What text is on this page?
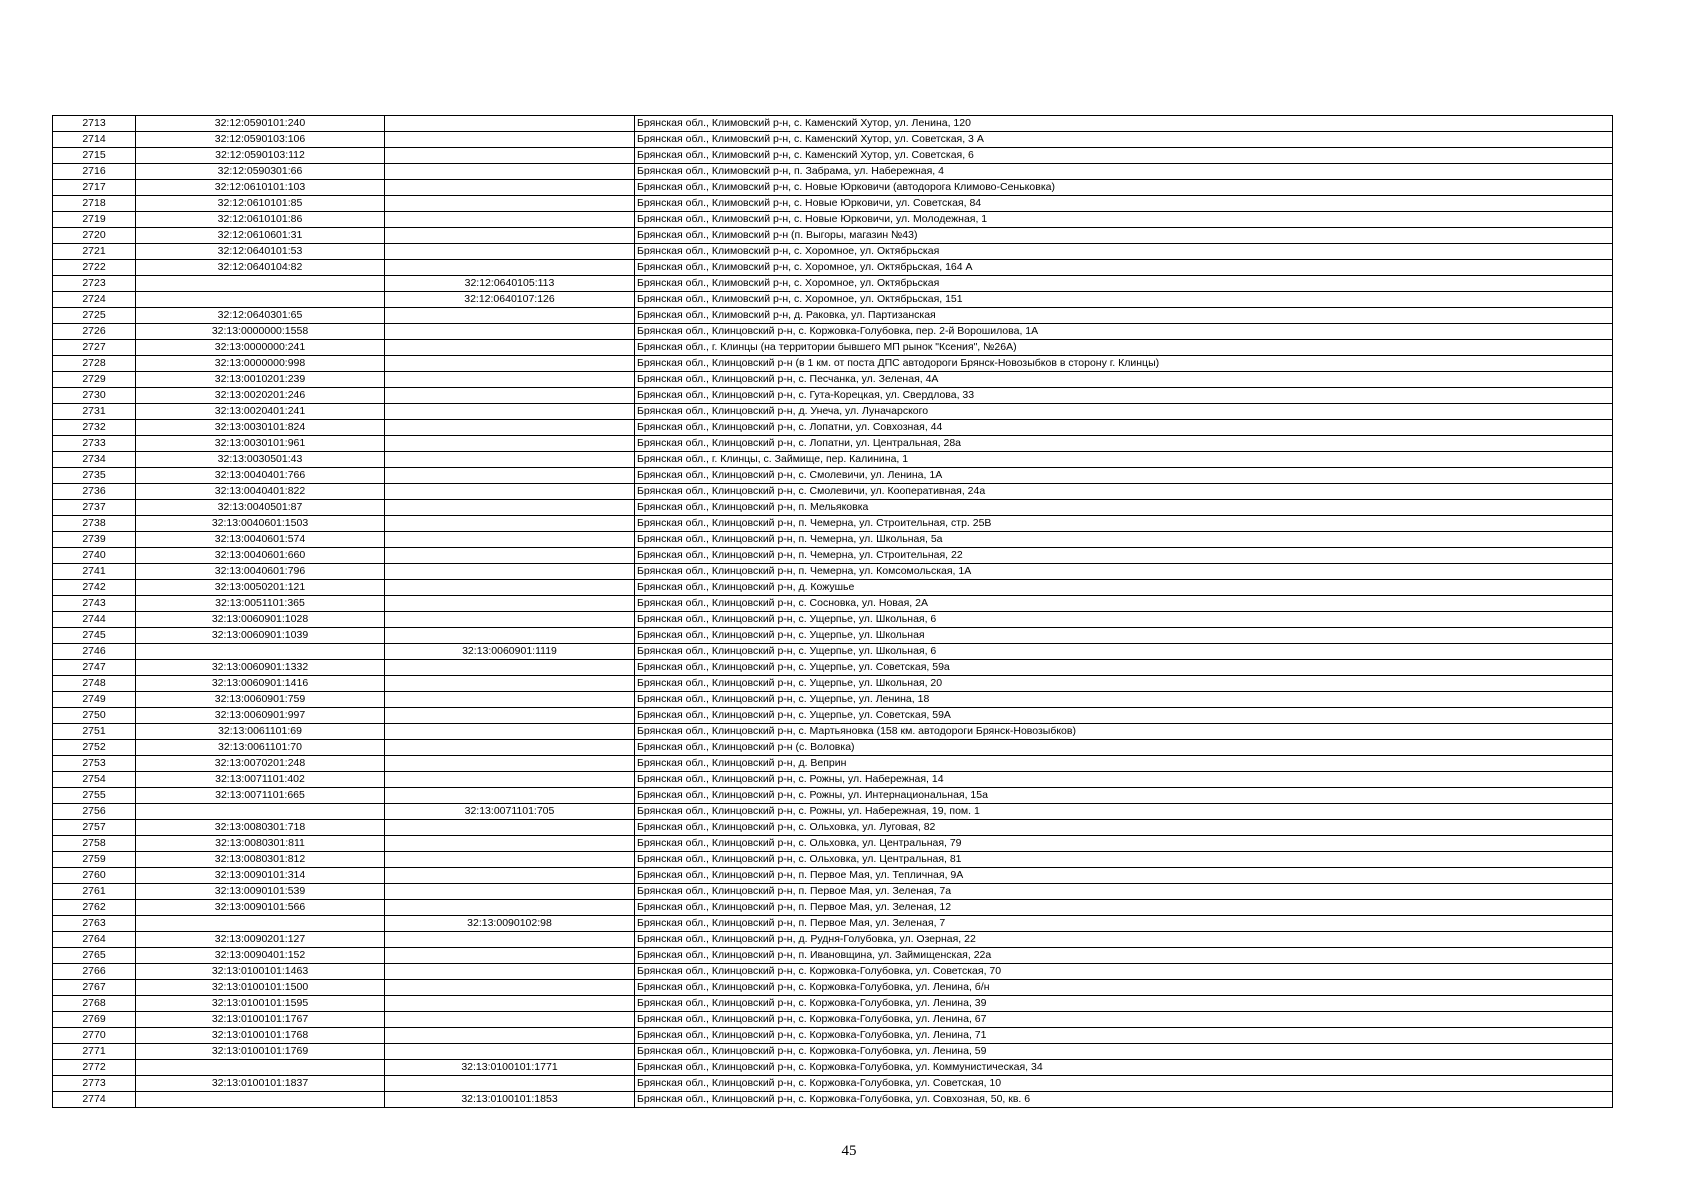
2713	32:12:0590101:240		Брянская обл., Климовский р-н, с. Каменский Хутор, ул. Ленина, 120
2714	32:12:0590103:106		Брянская обл., Климовский р-н, с. Каменский Хутор, ул. Советская, 3 А
2715	32:12:0590103:112		Брянская обл., Климовский р-н, с. Каменский Хутор, ул. Советская, 6
2716	32:12:0590301:66		Брянская обл., Климовский р-н, п. Забрама, ул. Набережная, 4
2717	32:12:0610101:103		Брянская обл., Климовский р-н, с. Новые Юрковичи (автодорога Климово-Сеньковка)
2718	32:12:0610101:85		Брянская обл., Климовский р-н, с. Новые Юрковичи, ул. Советская, 84
2719	32:12:0610101:86		Брянская обл., Климовский р-н, с. Новые Юрковичи, ул. Молодежная, 1
2720	32:12:0610601:31		Брянская обл., Климовский р-н (п. Выгоры, магазин №43)
2721	32:12:0640101:53		Брянская обл., Климовский р-н, с. Хоромное, ул. Октябрьская
2722	32:12:0640104:82		Брянская обл., Климовский р-н, с. Хоромное, ул. Октябрьская, 164 А
2723		32:12:0640105:113	Брянская обл., Климовский р-н, с. Хоромное, ул. Октябрьская
2724		32:12:0640107:126	Брянская обл., Климовский р-н, с. Хоромное, ул. Октябрьская, 151
2725	32:12:0640301:65		Брянская обл., Климовский р-н, д. Раковка, ул. Партизанская
2726	32:13:0000000:1558		Брянская обл., Клинцовский р-н, с. Коржовка-Голубовка, пер. 2-й Ворошилова, 1А
2727	32:13:0000000:241		Брянская обл., г. Клинцы (на территории бывшего МП рынок "Ксения", №26А)
2728	32:13:0000000:998		Брянская обл., Клинцовский р-н (в 1 км. от поста ДПС автодороги Брянск-Новозыбков в сторону г. Клинцы)
2729	32:13:0010201:239		Брянская обл., Клинцовский р-н, с. Песчанка, ул. Зеленая, 4А
2730	32:13:0020201:246		Брянская обл., Клинцовский р-н, с. Гута-Корецкая, ул. Свердлова, 33
2731	32:13:0020401:241		Брянская обл., Клинцовский р-н, д. Унеча, ул. Луначарского
2732	32:13:0030101:824		Брянская обл., Клинцовский р-н, с. Лопатни, ул. Совхозная, 44
2733	32:13:0030101:961		Брянская обл., Клинцовский р-н, с. Лопатни, ул. Центральная, 28а
2734	32:13:0030501:43		Брянская обл., г. Клинцы, с. Займище, пер. Калинина, 1
2735	32:13:0040401:766		Брянская обл., Клинцовский р-н, с. Смолевичи, ул. Ленина, 1А
2736	32:13:0040401:822		Брянская обл., Клинцовский р-н, с. Смолевичи, ул. Кооперативная, 24а
2737	32:13:0040501:87		Брянская обл., Клинцовский р-н, п. Мельяковка
2738	32:13:0040601:1503		Брянская обл., Клинцовский р-н, п. Чемерна, ул. Строительная, стр. 25В
2739	32:13:0040601:574		Брянская обл., Клинцовский р-н, п. Чемерна, ул. Школьная, 5а
2740	32:13:0040601:660		Брянская обл., Клинцовский р-н, п. Чемерна, ул. Строительная, 22
2741	32:13:0040601:796		Брянская обл., Клинцовский р-н, п. Чемерна, ул. Комсомольская, 1А
2742	32:13:0050201:121		Брянская обл., Клинцовский р-н, д. Кожушье
2743	32:13:0051101:365		Брянская обл., Клинцовский р-н, с. Сосновка, ул. Новая, 2А
2744	32:13:0060901:1028		Брянская обл., Клинцовский р-н, с. Ущерпье, ул. Школьная, 6
2745	32:13:0060901:1039		Брянская обл., Клинцовский р-н, с. Ущерпье, ул. Школьная
2746		32:13:0060901:1119	Брянская обл., Клинцовский р-н, с. Ущерпье, ул. Школьная, 6
2747	32:13:0060901:1332		Брянская обл., Клинцовский р-н, с. Ущерпье, ул. Советская, 59а
2748	32:13:0060901:1416		Брянская обл., Клинцовский р-н, с. Ущерпье, ул. Школьная, 20
2749	32:13:0060901:759		Брянская обл., Клинцовский р-н, с. Ущерпье, ул. Ленина, 18
2750	32:13:0060901:997		Брянская обл., Клинцовский р-н, с. Ущерпье, ул. Советская, 59А
2751	32:13:0061101:69		Брянская обл., Клинцовский р-н, с. Мартьяновка (158 км. автодороги Брянск-Новозыбков)
2752	32:13:0061101:70		Брянская обл., Клинцовский р-н (с. Воловка)
2753	32:13:0070201:248		Брянская обл., Клинцовский р-н, д. Веприн
2754	32:13:0071101:402		Брянская обл., Клинцовский р-н, с. Рожны, ул. Набережная, 14
2755	32:13:0071101:665		Брянская обл., Клинцовский р-н, с. Рожны, ул. Интернациональная, 15а
2756		32:13:0071101:705	Брянская обл., Клинцовский р-н, с. Рожны, ул. Набережная, 19, пом. 1
2757	32:13:0080301:718		Брянская обл., Клинцовский р-н, с. Ольховка, ул. Луговая, 82
2758	32:13:0080301:811		Брянская обл., Клинцовский р-н, с. Ольховка, ул. Центральная, 79
2759	32:13:0080301:812		Брянская обл., Клинцовский р-н, с. Ольховка, ул. Центральная, 81
2760	32:13:0090101:314		Брянская обл., Клинцовский р-н, п. Первое Мая, ул. Тепличная, 9А
2761	32:13:0090101:539		Брянская обл., Клинцовский р-н, п. Первое Мая, ул. Зеленая, 7а
2762	32:13:0090101:566		Брянская обл., Клинцовский р-н, п. Первое Мая, ул. Зеленая, 12
2763		32:13:0090102:98	Брянская обл., Клинцовский р-н, п. Первое Мая, ул. Зеленая, 7
2764	32:13:0090201:127		Брянская обл., Клинцовский р-н, д. Рудня-Голубовка, ул. Озерная, 22
2765	32:13:0090401:152		Брянская обл., Клинцовский р-н, п. Ивановщина, ул. Займищенская, 22а
2766	32:13:0100101:1463		Брянская обл., Клинцовский р-н, с. Коржовка-Голубовка, ул. Советская, 70
2767	32:13:0100101:1500		Брянская обл., Клинцовский р-н, с. Коржовка-Голубовка, ул. Ленина, б/н
2768	32:13:0100101:1595		Брянская обл., Клинцовский р-н, с. Коржовка-Голубовка, ул. Ленина, 39
2769	32:13:0100101:1767		Брянская обл., Клинцовский р-н, с. Коржовка-Голубовка, ул. Ленина, 67
2770	32:13:0100101:1768		Брянская обл., Клинцовский р-н, с. Коржовка-Голубовка, ул. Ленина, 71
2771	32:13:0100101:1769		Брянская обл., Клинцовский р-н, с. Коржовка-Голубовка, ул. Ленина, 59
2772		32:13:0100101:1771	Брянская обл., Клинцовский р-н, с. Коржовка-Голубовка, ул. Коммунистическая, 34
2773	32:13:0100101:1837		Брянская обл., Клинцовский р-н, с. Коржовка-Голубовка, ул. Советская, 10
2774		32:13:0100101:1853	Брянская обл., Клинцовский р-н, с. Коржовка-Голубовка, ул. Совхозная, 50, кв. 6
45
